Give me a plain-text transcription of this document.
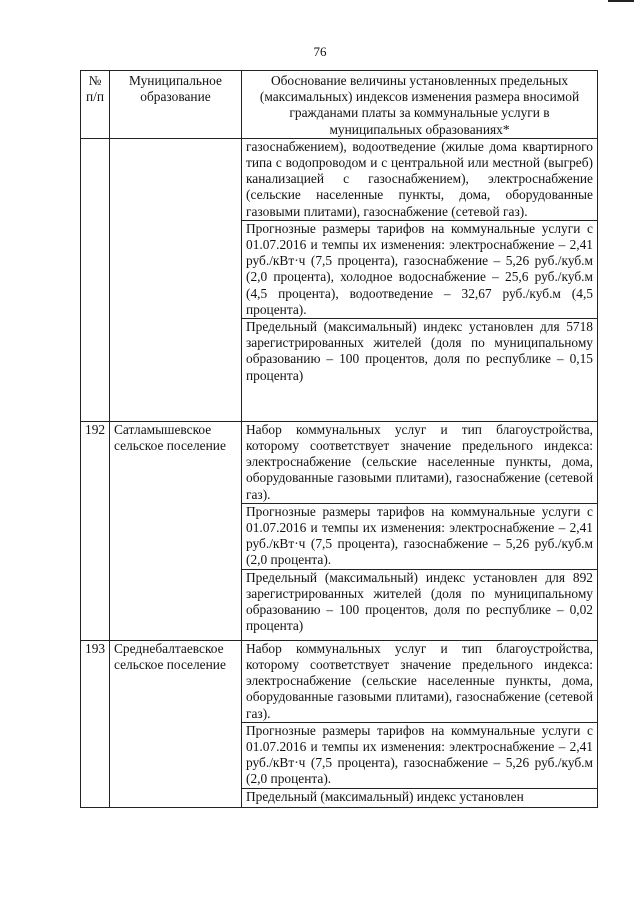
76
№ п/п	Муниципальное образование	Обоснование величины установленных предельных (максимальных) индексов изменения размера вносимой гражданами платы за коммунальные услуги в муниципальных образованиях*

		газоснабжением), водоотведение (жилые дома квартирного типа с водопроводом и с центральной или местной (выгреб) канализацией с газоснабжением), электроснабжение (сельские населенные пункты, дома, оборудованные газовыми плитами), газоснабжение (сетевой газ).
Прогнозные размеры тарифов на коммунальные услуги с 01.07.2016 и темпы их изменения: электроснабжение – 2,41 руб./кВт·ч (7,5 процента), газоснабжение – 5,26 руб./куб.м (2,0 процента), холодное водоснабжение – 25,6 руб./куб.м (4,5 процента), водоотведение – 32,67 руб./куб.м (4,5 процента).
Предельный (максимальный) индекс установлен для 5718 зарегистрированных жителей (доля по муниципальному образованию – 100 процентов, доля по республике – 0,15 процента)

192	Сатламышевское сельское поселение	Набор коммунальных услуг и тип благоустройства, которому соответствует значение предельного индекса: электроснабжение (сельские населенные пункты, дома, оборудованные газовыми плитами), газоснабжение (сетевой газ).
Прогнозные размеры тарифов на коммунальные услуги с 01.07.2016 и темпы их изменения: электроснабжение – 2,41 руб./кВт·ч (7,5 процента), газоснабжение – 5,26 руб./куб.м (2,0 процента).
Предельный (максимальный) индекс установлен для 892 зарегистрированных жителей (доля по муниципальному образованию – 100 процентов, доля по республике – 0,02 процента)

193	Среднебалтаевское сельское поселение	Набор коммунальных услуг и тип благоустройства, которому соответствует значение предельного индекса: электроснабжение (сельские населенные пункты, дома, оборудованные газовыми плитами), газоснабжение (сетевой газ).
Прогнозные размеры тарифов на коммунальные услуги с 01.07.2016 и темпы их изменения: электроснабжение – 2,41 руб./кВт·ч (7,5 процента), газоснабжение – 5,26 руб./куб.м (2,0 процента).
Предельный (максимальный) индекс установлен
